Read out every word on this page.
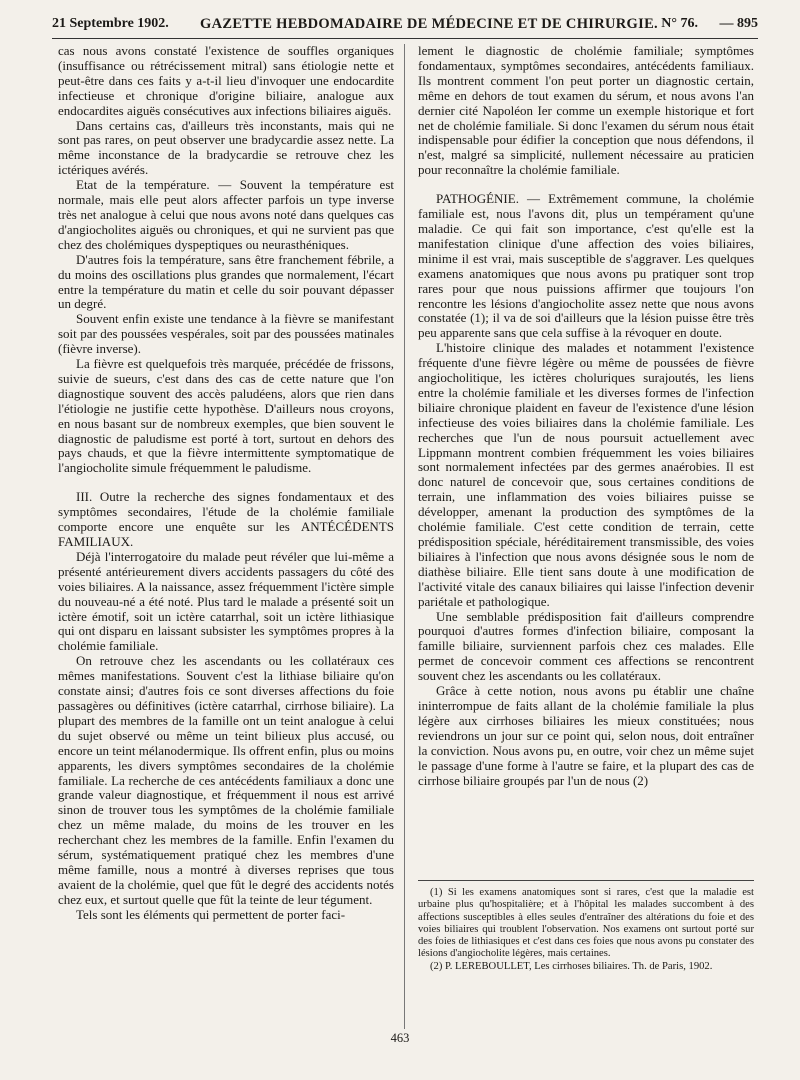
21 Septembre 1902. GAZETTE HEBDOMADAIRE DE MÉDECINE ET DE CHIRURGIE. N° 76. — 895

cas nous avons constaté l'existence de souffles organiques (insuffisance ou rétrécissement mitral) sans étiologie nette et peut-être dans ces faits y a-t-il lieu d'invoquer une endocardite infectieuse et chronique d'origine biliaire, analogue aux endocardites aiguës consécutives aux infections biliaires aiguës.

Dans certains cas, d'ailleurs très inconstants, mais qui ne sont pas rares, on peut observer une bradycardie assez nette. La même inconstance de la bradycardie se retrouve chez les ictériques avérés.

Etat de la température. — Souvent la température est normale, mais elle peut alors affecter parfois un type inverse très net analogue à celui que nous avons noté dans quelques cas d'angiocholites aiguës ou chroniques, et qui ne survient pas que chez des cholémiques dyspeptiques ou neurasthéniques.

D'autres fois la température, sans être franchement fébrile, a du moins des oscillations plus grandes que normalement, l'écart entre la température du matin et celle du soir pouvant dépasser un degré.

Souvent enfin existe une tendance à la fièvre se manifestant soit par des poussées vespérales, soit par des poussées matinales (fièvre inverse).

La fièvre est quelquefois très marquée, précédée de frissons, suivie de sueurs, c'est dans des cas de cette nature que l'on diagnostique souvent des accès paludéens, alors que rien dans l'étiologie ne justifie cette hypothèse. D'ailleurs nous croyons, en nous basant sur de nombreux exemples, que bien souvent le diagnostic de paludisme est porté à tort, surtout en dehors des pays chauds, et que la fièvre intermittente symptomatique de l'angiocholite simule fréquemment le paludisme.

III. Outre la recherche des signes fondamentaux et des symptômes secondaires, l'étude de la cholémie familiale comporte encore une enquête sur les ANTÉCÉDENTS FAMILIAUX.

Déjà l'interrogatoire du malade peut révéler que lui-même a présenté antérieurement divers accidents passagers du côté des voies biliaires. A la naissance, assez fréquemment l'ictère simple du nouveau-né a été noté. Plus tard le malade a présenté soit un ictère émotif, soit un ictère catarrhal, soit un ictère lithiasique qui ont disparu en laissant subsister les symptômes propres à la cholémie familiale.

On retrouve chez les ascendants ou les collatéraux ces mêmes manifestations. Souvent c'est la lithiase biliaire qu'on constate ainsi; d'autres fois ce sont diverses affections du foie passagères ou définitives (ictère catarrhal, cirrhose biliaire). La plupart des membres de la famille ont un teint analogue à celui du sujet observé ou même un teint bilieux plus accusé, ou encore un teint mélanodermique. Ils offrent enfin, plus ou moins apparents, les divers symptômes secondaires de la cholémie familiale. La recherche de ces antécédents familiaux a donc une grande valeur diagnostique, et fréquemment il nous est arrivé sinon de trouver tous les symptômes de la cholémie familiale chez un même malade, du moins de les trouver en les recherchant chez les membres de la famille. Enfin l'examen du sérum, systématiquement pratiqué chez les membres d'une même famille, nous a montré à diverses reprises que tous avaient de la cholémie, quel que fût le degré des accidents notés chez eux, et surtout quelle que fût la teinte de leur tégument.

Tels sont les éléments qui permettent de porter faci-

lement le diagnostic de cholémie familiale; symptômes fondamentaux, symptômes secondaires, antécédents familiaux. Ils montrent comment l'on peut porter un diagnostic certain, même en dehors de tout examen du sérum, et nous avons l'an dernier cité Napoléon Ier comme un exemple historique et fort net de cholémie familiale. Si donc l'examen du sérum nous était indispensable pour édifier la conception que nous défendons, il n'est, malgré sa simplicité, nullement nécessaire au praticien pour reconnaître la cholémie familiale.

PATHOGÉNIE. — Extrêmement commune, la cholémie familiale est, nous l'avons dit, plus un tempérament qu'une maladie. Ce qui fait son importance, c'est qu'elle est la manifestation clinique d'une affection des voies biliaires, minime il est vrai, mais susceptible de s'aggraver. Les quelques examens anatomiques que nous avons pu pratiquer sont trop rares pour que nous puissions affirmer que toujours l'on rencontre les lésions d'angiocholite assez nette que nous avons constatée (1); il va de soi d'ailleurs que la lésion puisse être très peu apparente sans que cela suffise à la révoquer en doute.

L'histoire clinique des malades et notamment l'existence fréquente d'une fièvre légère ou même de poussées de fièvre angiocholitique, les ictères choluriques surajoutés, les liens entre la cholémie familiale et les diverses formes de l'infection biliaire chronique plaident en faveur de l'existence d'une lésion infectieuse des voies biliaires dans la cholémie familiale. Les recherches que l'un de nous poursuit actuellement avec Lippmann montrent combien fréquemment les voies biliaires sont normalement infectées par des germes anaérobies. Il est donc naturel de concevoir que, sous certaines conditions de terrain, une inflammation des voies biliaires puisse se développer, amenant la production des symptômes de la cholémie familiale. C'est cette condition de terrain, cette prédisposition spéciale, héréditairement transmissible, des voies biliaires à l'infection que nous avons désignée sous le nom de diathèse biliaire. Elle tient sans doute à une modification de l'activité vitale des canaux biliaires qui laisse l'infection devenir pariétale et pathologique.

Une semblable prédisposition fait d'ailleurs comprendre pourquoi d'autres formes d'infection biliaire, composant la famille biliaire, surviennent parfois chez ces malades. Elle permet de concevoir comment ces affections se rencontrent souvent chez les ascendants ou les collatéraux.

Grâce à cette notion, nous avons pu établir une chaîne ininterrompue de faits allant de la cholémie familiale la plus légère aux cirrhoses biliaires les mieux constituées; nous reviendrons un jour sur ce point qui, selon nous, doit entraîner la conviction. Nous avons pu, en outre, voir chez un même sujet le passage d'une forme à l'autre se faire, et la plupart des cas de cirrhose biliaire groupés par l'un de nous (2)

(1) Si les examens anatomiques sont si rares, c'est que la maladie est urbaine plus qu'hospitalière; et à l'hôpital les malades succombent à des affections susceptibles à elles seules d'entraîner des altérations du foie et des voies biliaires qui troublent l'observation. Nos examens ont surtout porté sur des foies de lithiasiques et c'est dans ces foies que nous avons pu constater des lésions d'angiocholite légères, mais certaines.

(2) P. LEREBOULLET, Les cirrhoses biliaires. Th. de Paris, 1902.

463
